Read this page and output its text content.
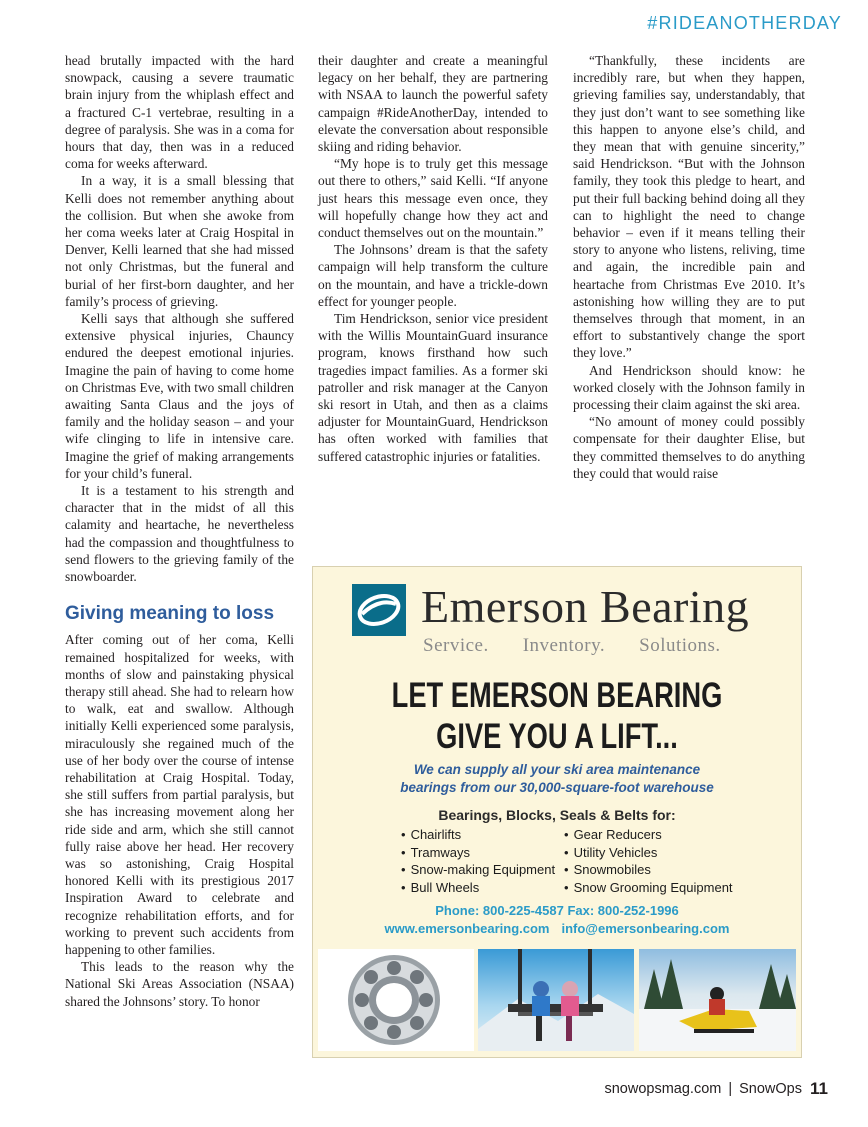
#RIDEANOTHERDAY

head brutally impacted with the hard snowpack, causing a severe traumatic brain injury from the whiplash effect and a fractured C-1 vertebrae, resulting in a degree of paralysis. She was in a coma for hours that day, then was in a reduced coma for weeks afterward.

In a way, it is a small blessing that Kelli does not remember anything about the collision. But when she awoke from her coma weeks later at Craig Hospital in Denver, Kelli learned that she had missed not only Christmas, but the funeral and burial of her first-born daughter, and her family’s process of grieving.

Kelli says that although she suffered extensive physical injuries, Chauncy endured the deepest emotional injuries. Imagine the pain of having to come home on Christmas Eve, with two small children awaiting Santa Claus and the joys of family and the holiday season – and your wife clinging to life in intensive care. Imagine the grief of making arrangements for your child’s funeral.

It is a testament to his strength and character that in the midst of all this calamity and heartache, he nevertheless had the compassion and thoughtfulness to send flowers to the grieving family of the snowboarder.

Giving meaning to loss

After coming out of her coma, Kelli remained hospitalized for weeks, with months of slow and painstaking physical therapy still ahead. She had to relearn how to walk, eat and swallow. Although initially Kelli experienced some paralysis, miraculously she regained much of the use of her body over the course of intense rehabilitation at Craig Hospital. Today, she still suffers from partial paralysis, but she has increasing movement along her ride side and arm, which she still cannot fully raise above her head. Her recovery was so astonishing, Craig Hospital honored Kelli with its prestigious 2017 Inspiration Award to celebrate and recognize rehabilitation efforts, and for working to prevent such accidents from happening to other families.

This leads to the reason why the National Ski Areas Association (NSAA) shared the Johnsons’ story. To honor

their daughter and create a meaningful legacy on her behalf, they are partnering with NSAA to launch the powerful safety campaign #RideAnotherDay, intended to elevate the conversation about responsible skiing and riding behavior.

“My hope is to truly get this message out there to others,” said Kelli. “If anyone just hears this message even once, they will hopefully change how they act and conduct themselves out on the mountain.”

The Johnsons’ dream is that the safety campaign will help transform the culture on the mountain, and have a trickle-down effect for younger people.

Tim Hendrickson, senior vice president with the Willis MountainGuard insurance program, knows firsthand how such tragedies impact families. As a former ski patroller and risk manager at the Canyon ski resort in Utah, and then as a claims adjuster for MountainGuard, Hendrickson has often worked with families that suffered catastrophic injuries or fatalities.

“Thankfully, these incidents are incredibly rare, but when they happen, grieving families say, understandably, that they just don’t want to see something like this happen to anyone else’s child, and they mean that with genuine sincerity,” said Hendrickson. “But with the Johnson family, they took this pledge to heart, and put their full backing behind doing all they can to highlight the need to change behavior – even if it means telling their story to anyone who listens, reliving, time and again, the incredible pain and heartache from Christmas Eve 2010. It’s astonishing how willing they are to put themselves through that moment, in an effort to substantively change the sport they love.”

And Hendrickson should know: he worked closely with the Johnson family in processing their claim against the ski area.

“No amount of money could possibly compensate for their daughter Elise, but they committed themselves to do anything they could that would raise

Emerson Bearing
Service. Inventory. Solutions.
LET EMERSON BEARING
GIVE YOU A LIFT...
We can supply all your ski area maintenance
bearings from our 30,000-square-foot warehouse
Bearings, Blocks, Seals & Belts for:
• Chairlifts
• Tramways
• Snow-making Equipment
• Bull Wheels
• Gear Reducers
• Utility Vehicles
• Snowmobiles
• Snow Grooming Equipment
Phone: 800-225-4587 Fax: 800-252-1996
www.emersonbearing.com info@emersonbearing.com
snowopsmag.com | SnowOps 11
